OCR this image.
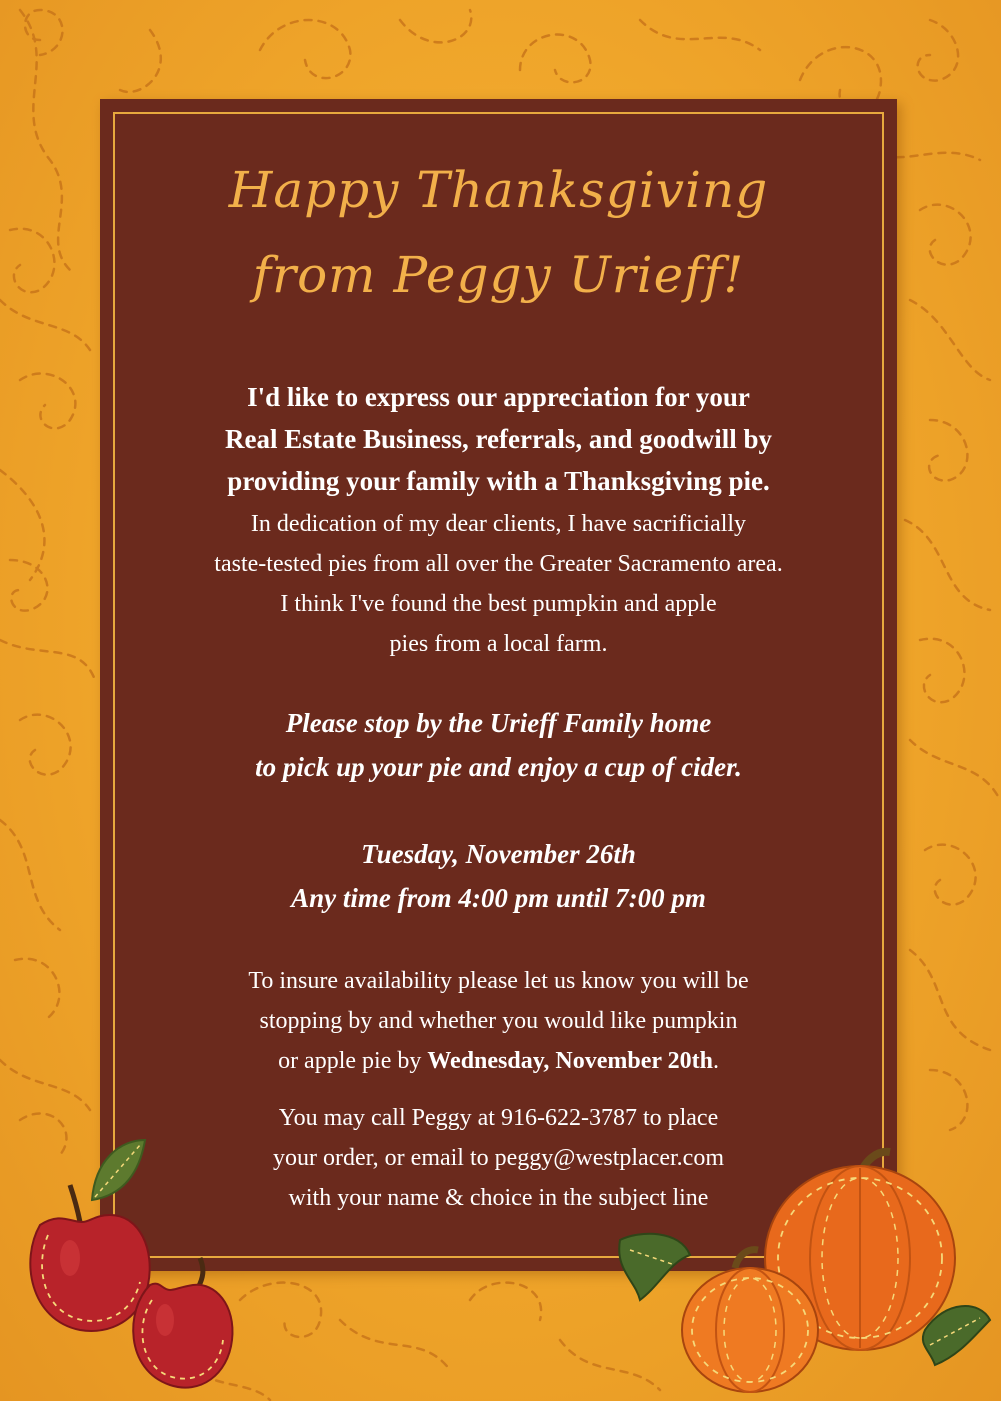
Happy Thanksgiving
from Peggy Urieff!
I'd like to express our appreciation for your
Real Estate Business, referrals, and goodwill by
providing your family with a Thanksgiving pie.
In dedication of my dear clients, I have sacrificially
taste-tested pies from all over the Greater Sacramento area.
I think I've found the best pumpkin and apple
pies from a local farm.
Please stop by the Urieff Family home
to pick up your pie and enjoy a cup of cider.
Tuesday, November 26th
Any time from 4:00 pm until 7:00 pm
To insure availability please let us know you will be
stopping by and whether you would like pumpkin
or apple pie by Wednesday, November 20th.
You may call Peggy at 916-622-3787 to place
your order, or email to peggy@westplacer.com
with your name & choice in the subject line
